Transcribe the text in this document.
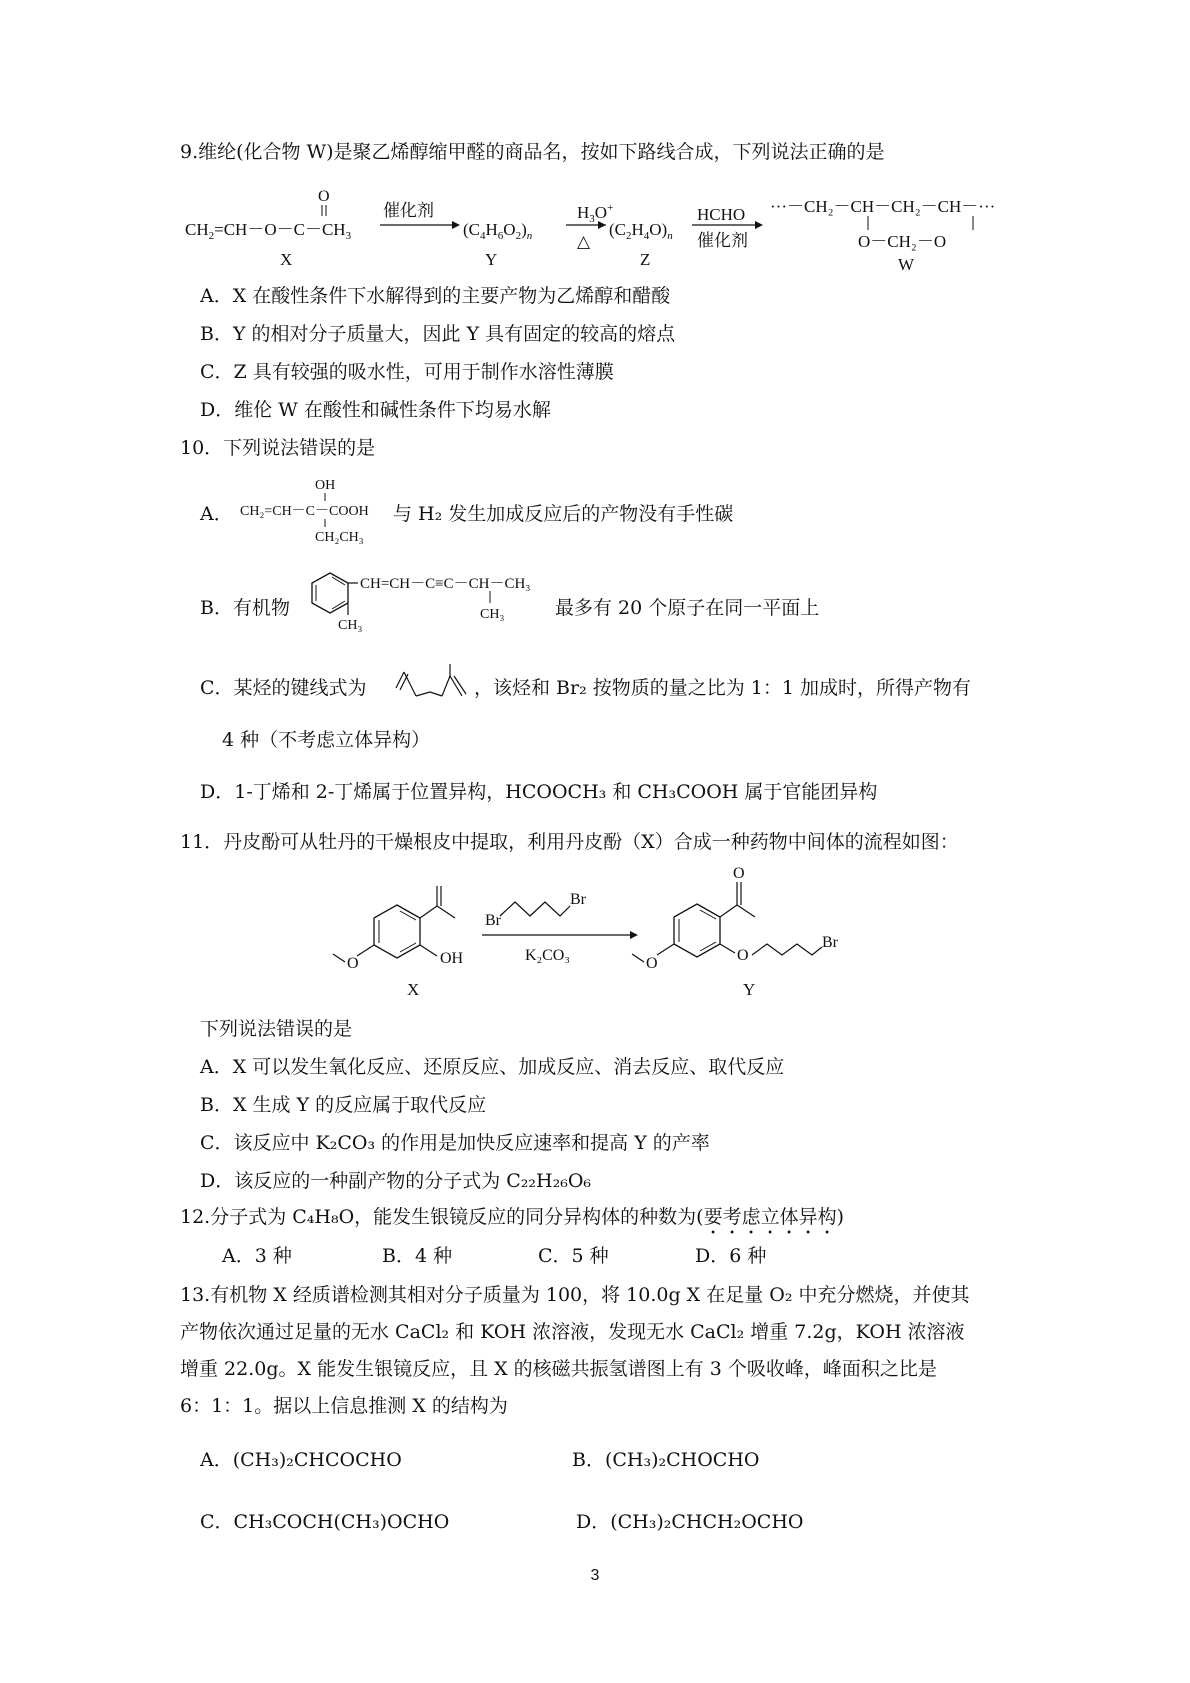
9.维纶(化合物 W)是聚乙烯醇缩甲醛的商品名，按如下路线合成，下列说法正确的是
O
$CH_2=CH-O-C-CH_3$
X
催化剂
$(C_4H_6O_2)_n$
Y
$H_3O^+$
△
$(C_2H_4O)_n$
Z
HCHO
催化剂
···－CH₂－CH－CH₂－CH－···
O－CH₂－O
W
A．X 在酸性条件下水解得到的主要产物为乙烯醇和醋酸
B．Y 的相对分子质量大，因此 Y 具有固定的较高的熔点
C．Z 具有较强的吸水性，可用于制作水溶性薄膜
D．维伦 W 在酸性和碱性条件下均易水解
10．下列说法错误的是
A．
OH
CH₂=CH－C－COOH
CH₂CH₃
与 H₂ 发生加成反应后的产物没有手性碳
B．有机物
CH=CH－C≡C－CH－CH₃
CH₃
CH₃	最多有 20 个原子在同一平面上
C．某烃的键线式为	，该烃和 Br₂ 按物质的量之比为 1：1 加成时，所得产物有
4 种（不考虑立体异构）
D．1-丁烯和 2-丁烯属于位置异构，HCOOCH₃ 和 CH₃COOH 属于官能团异构
11．丹皮酚可从牡丹的干燥根皮中提取，利用丹皮酚（X）合成一种药物中间体的流程如图：
OH
O
X
Br
Br
K₂CO₃
O
O
Br
O
Y
下列说法错误的是
A．X 可以发生氧化反应、还原反应、加成反应、消去反应、取代反应
B．X 生成 Y 的反应属于取代反应
C．该反应中 K₂CO₃ 的作用是加快反应速率和提高 Y 的产率
D．该反应的一种副产物的分子式为 C₂₂H₂₆O₆
12.分子式为 C₄H₈O，能发生银镜反应的同分异构体的种数为(要考虑立体异构)
A．3 种	B．4 种	C．5 种	D．6 种
13.有机物 X 经质谱检测其相对分子质量为 100，将 10.0g X 在足量 O₂ 中充分燃烧，并使其
产物依次通过足量的无水 CaCl₂ 和 KOH 浓溶液，发现无水 CaCl₂ 增重 7.2g，KOH 浓溶液
增重 22.0g。X 能发生银镜反应，且 X 的核磁共振氢谱图上有 3 个吸收峰，峰面积之比是
6：1：1。据以上信息推测 X 的结构为
A．(CH₃)₂CHCOCHO	B．(CH₃)₂CHOCHO
C．CH₃COCH(CH₃)OCHO	D．(CH₃)₂CHCH₂OCHO
3
